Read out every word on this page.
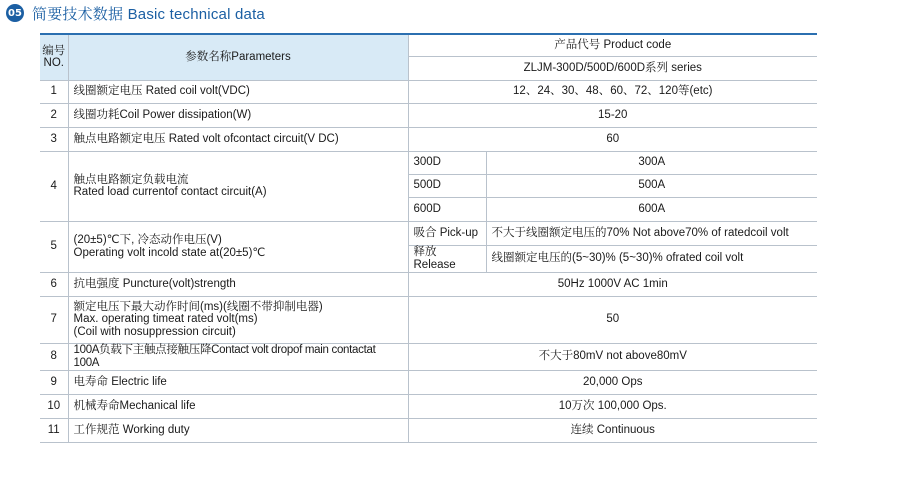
05 简要技术数据 Basic technical data
编号
NO.	参数名称Parameters	产品代号 Product code	
		ZLJM-300D/500D/600D系列 series	
1	线圈额定电压 Rated coil volt(VDC)	12、24、30、48、60、72、120等(etc)	
2	线圈功耗Coil Power dissipation(W)	15-20	
3	触点电路额定电压 Rated volt ofcontact circuit(V DC)	60	
4	触点电路额定负载电流
Rated load currentof contact circuit(A)	300D	300A
		500D	500A
		600D	600A
5	(20±5)℃下, 冷态动作电压(V)
Operating volt incold state at(20±5)℃	吸合 Pick-up	不大于线圈额定电压的70% Not above70% of ratedcoil volt
		释放 Release	线圈额定电压的(5~30)% (5~30)% ofrated coil volt
6	抗电强度 Puncture(volt)strength	50Hz 1000V AC 1min	
7	额定电压下最大动作时间(ms)(线圈不带抑制电器)
Max. operating timeat rated volt(ms)
(Coil with nosuppression circuit)	50	
8	100A负载下主触点接触压降Contact volt dropof main contactat 100A	不大于80mV not above80mV	
9	电寿命 Electric life	20,000 Ops	
10	机械寿命Mechanical life	10万次 100,000 Ops.	
11	工作规范 Working duty	连续 Continuous	
